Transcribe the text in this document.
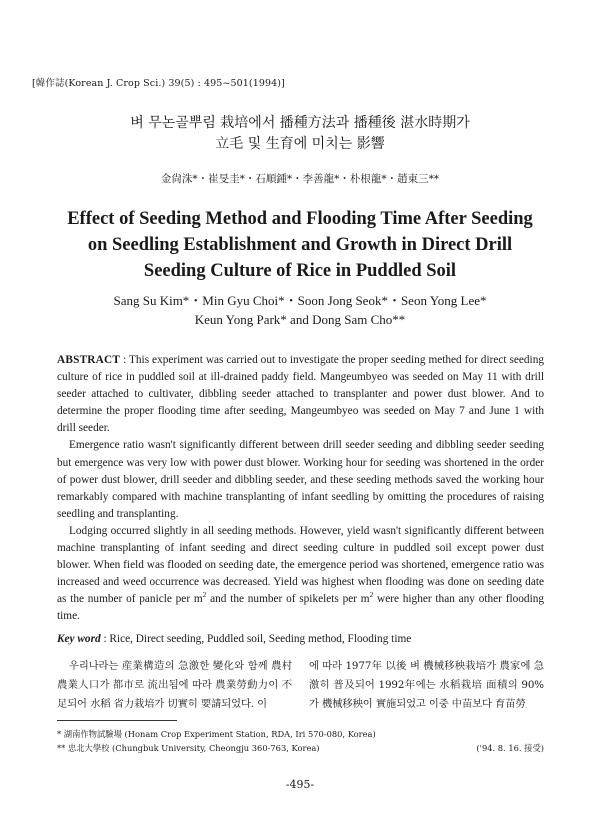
[韓作誌(Korean J. Crop Sci.) 39(5) : 495~501(1994)]
벼 무논골뿌림 栽培에서 播種方法과 播種後 湛水時期가
立毛 및 生育에 미치는 影響
金尙洙*・崔旻圭*・石順鍾*・李善龍*・朴根龍*・趙東三**
Effect of Seeding Method and Flooding Time After Seeding
on Seedling Establishment and Growth in Direct Drill
Seeding Culture of Rice in Puddled Soil
Sang Su Kim*・Min Gyu Choi*・Soon Jong Seok*・Seon Yong Lee*
Keun Yong Park* and Dong Sam Cho**

ABSTRACT : This experiment was carried out to investigate the proper seeding methed for direct seeding culture of rice in puddled soil at ill-drained paddy field. Mangeumbyeo was seeded on May 11 with drill seeder attached to cultivater, dibbling seeder attached to transplanter and power dust blower. And to determine the proper flooding time after seeding, Mangeumbyeo was seeded on May 7 and June 1 with drill seeder.

Emergence ratio wasn't significantly different between drill seeder seeding and dibbling seeder seeding but emergence was very low with power dust blower. Working hour for seeding was shortened in the order of power dust blower, drill seeder and dibbling seeder, and these seeding methods saved the working hour remarkably compared with machine transplanting of infant seedling by omitting the procedures of raising seedling and transplanting.

Lodging occurred slightly in all seeding methods. However, yield wasn't significantly different between machine transplanting of infant seeding and direct seeding culture in puddled soil except power dust blower. When field was flooded on seeding date, the emergence period was shortened, emergence ratio was increased and weed occurrence was decreased. Yield was highest when flooding was done on seeding date as the number of panicle per $m^2$ and the number of spikelets per $m^2$ were higher than any other flooding time.

Key word : Rice, Direct seeding, Puddled soil, Seeding method, Flooding time
우리나라는 産業構造의 急激한 變化와 함께 農村農業人口가 都市로 流出됨에 따라 農業勞動力이 不足되어 水稻 省力栽培가 切實히 要請되었다. 이
에 따라 1977年 以後 벼 機械移秧栽培가 農家에 急激히 普及되어 1992年에는 水稻栽培 面積의 90%가 機械移秧이 實施되었고 이중 中苗보다 育苗勞
* 湖南作物試驗場 (Honam Crop Experiment Station, RDA, Iri 570-080, Korea)
** 忠北大學校 (Chungbuk University, Cheongju 360-763, Korea)	('94. 8. 16. 接受)
-495-
